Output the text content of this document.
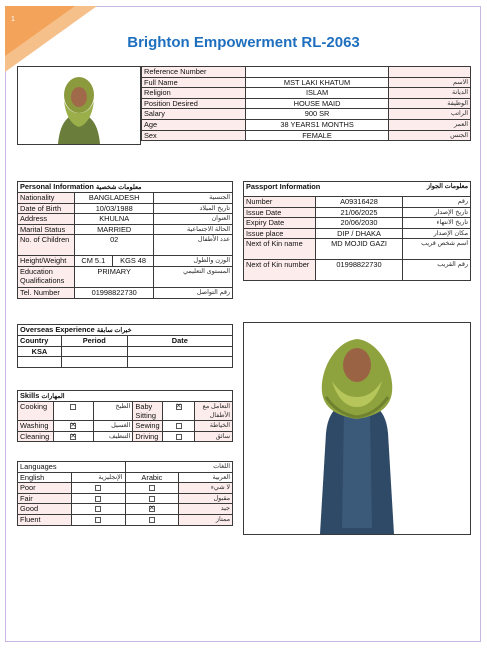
1
Brighton Empowerment RL-2063
Reference Number		
Full Name	MST LAKI KHATUM	الاسم
Religion	ISLAM	الديانة
Position Desired	HOUSE MAID	الوظيفة
Salary	900 SR	الراتب
Age	38 YEARS1 MONTHS	العمر
Sex	FEMALE	الجنس
Personal Information معلومات شخصية			
Nationality	BANGLADESH		الجنسية
Date of Birth	10/03/1988		تاريخ الميلاد
Address	KHULNA		العنوان
Marital Status	MARRIED		الحالة الاجتماعية
No. of Children	02		عدد الأطفال
Height/Weight	CM 5.1	KGS 48	الوزن والطول
Education Qualifications	PRIMARY		المستوى التعليمي
Tel. Number	01998822730		رقم التواصل
Passport Information معلومات الجواز		

Number	A09316428	رقم
Issue Date	21/06/2025	تاريخ الإصدار
Expiry Date	20/06/2030	تاريخ الانتهاء
Issue place	DIP / DHAKA	مكان الإصدار
Next of Kin name	MD MOJID GAZI	اسم شخص قريب
Next of Kin number	01998822730	رقم القريب
Overseas Experience خبرات سابقة		
Country	Period	Date
KSA		

Skills المهارات					
Cooking		الطبخ	Baby Sitting	✕	التعامل مع الأطفال
Washing	✕	الغسيل	Sewing		الخياطة
Cleaning	✕	التنظيف	Driving		سائق
Languages		اللغات	
English	الإنجليزية	Arabic	العربية
Poor			لا شيء
Fair			مقبول
Good		✕	جيد
Fluent			ممتاز
